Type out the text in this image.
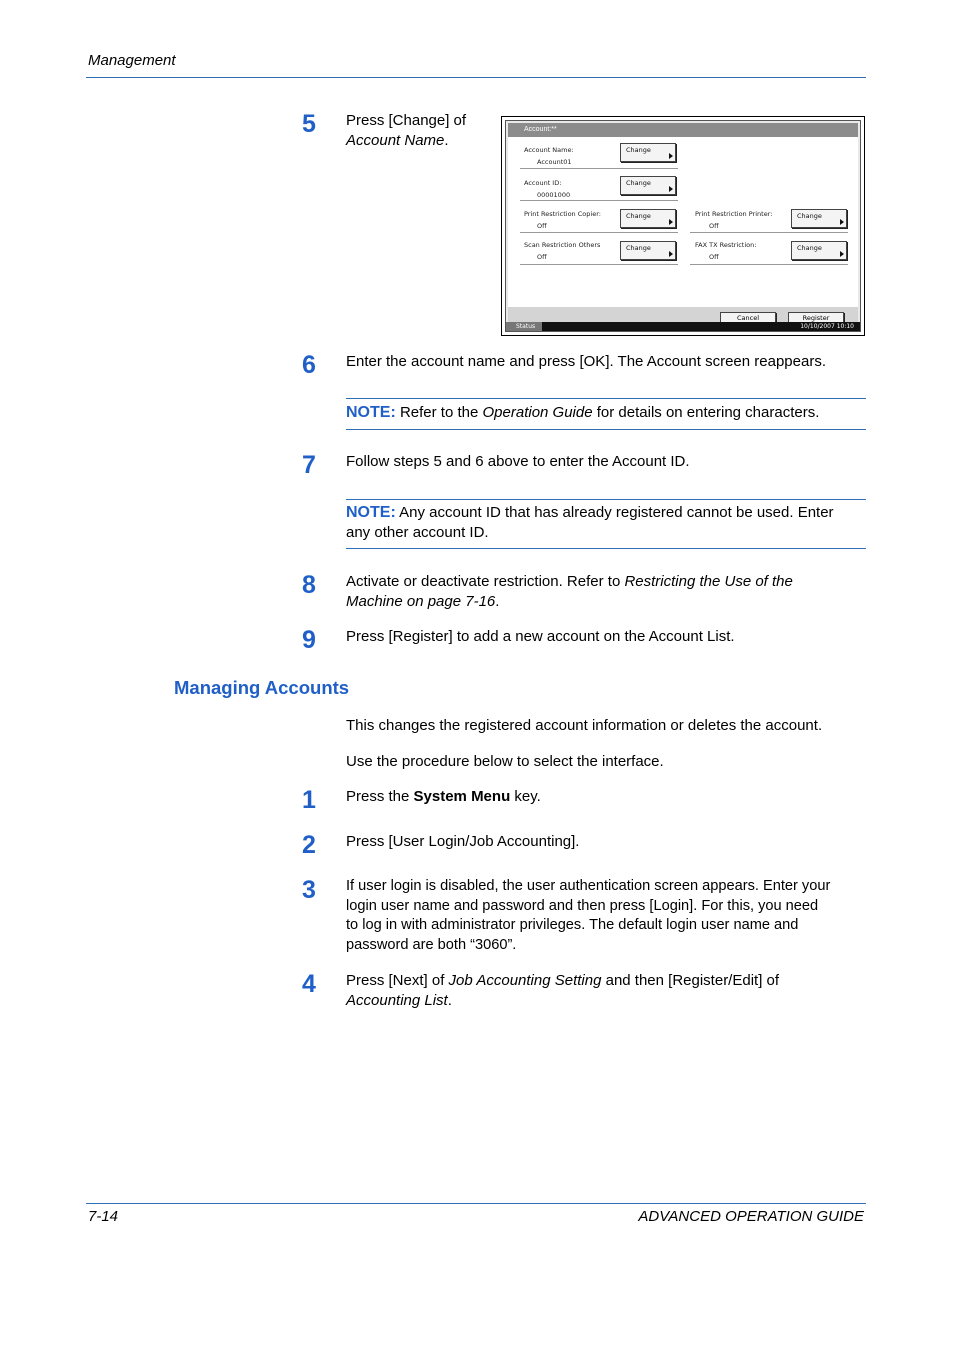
Management
5	Press [Change] of
Account Name.
Account:**
Account Name:
Account01
Change
Account ID:
00001000
Change
Print Restriction Copier:
Off
Change	Print Restriction Printer:
Off
Change
Scan Restriction Others
Off
Change	FAX TX Restriction:
Off
Change
Cancel	Register
Status	10/10/2007 10:10
6	Enter the account name and press [OK]. The Account screen reappears.
NOTE: Refer to the Operation Guide for details on entering characters.
7	Follow steps 5 and 6 above to enter the Account ID.
NOTE: Any account ID that has already registered cannot be used. Enter
any other account ID.
8	Activate or deactivate restriction. Refer to Restricting the Use of the
Machine on page 7-16.
9	Press [Register] to add a new account on the Account List.
Managing Accounts
This changes the registered account information or deletes the account.
Use the procedure below to select the interface.
1	Press the System Menu key.
2	Press [User Login/Job Accounting].
3	If user login is disabled, the user authentication screen appears. Enter your
login user name and password and then press [Login]. For this, you need
to log in with administrator privileges. The default login user name and
password are both “3060”.
4	Press [Next] of Job Accounting Setting and then [Register/Edit] of
Accounting List.
7-14	ADVANCED OPERATION GUIDE
